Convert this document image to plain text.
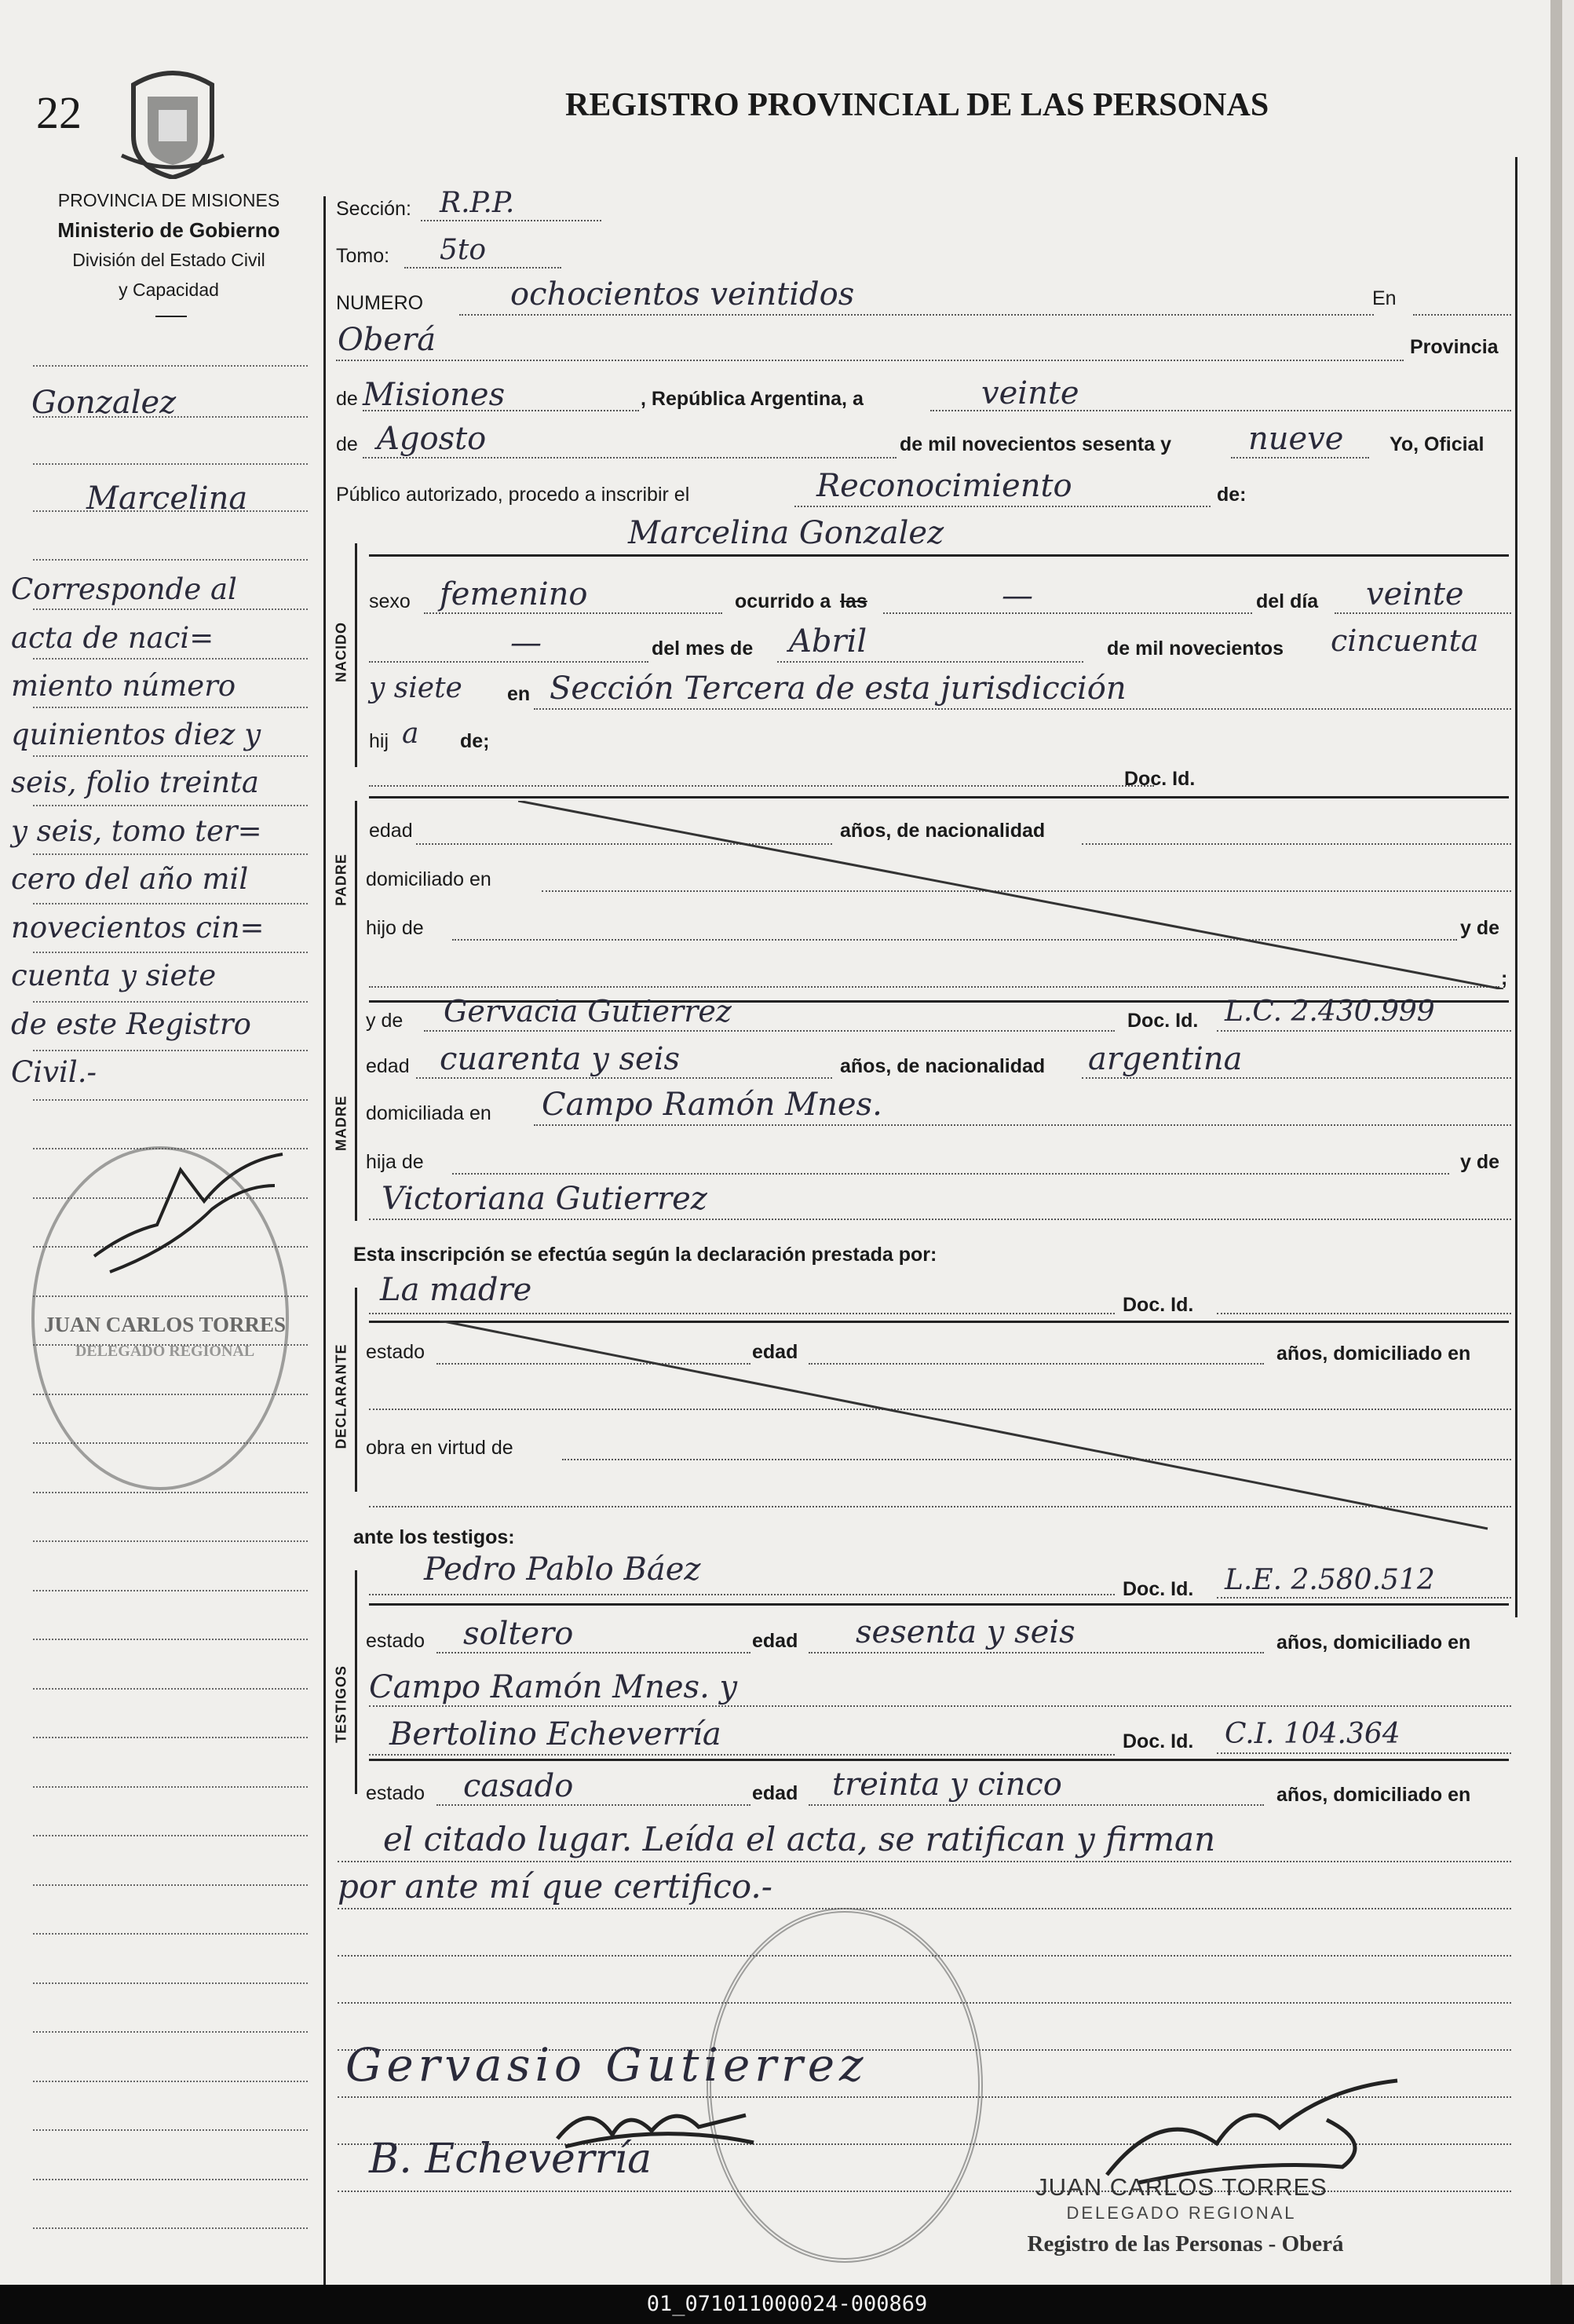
22	REGISTRO PROVINCIAL DE LAS PERSONAS
PROVINCIA DE MISIONES
Ministerio de Gobierno
División del Estado Civil
y Capacidad
Gonzalez
Marcelina
Corresponde al
acta de naci=
miento número
quinientos diez y
seis, folio treinta
y seis, tomo ter=
cero del año mil
novecientos cin=
cuenta y siete
de este Registro
Civil.-
JUAN CARLOS TORRES
DELEGADO REGIONAL
Sección: R.P.P.
Tomo: 5to
NUMERO	ochocientos veintidos	En
Oberá	Provincia
de Misiones	, República Argentina, a	veinte
de Agosto	de mil novecientos sesenta y nueve Yo, Oficial
Público autorizado, procedo a inscribir el	Reconocimiento	de:
Marcelina Gonzalez
NACIDO
sexo femenino	ocurrido a las	—	del día veinte
—	del mes de Abril	de mil novecientos cincuenta
y siete en Sección Tercera de esta jurisdicción
hij a de;
Doc. Id.
PADRE
edad	años, de nacionalidad
domiciliado en
hijo de	y de
;
MADRE
y de Gervacia Gutierrez	Doc. Id. L.C. 2.430.999
edad cuarenta y seis	años, de nacionalidad argentina
domiciliada en Campo Ramón Mnes.
hija de	y de
Victoriana Gutierrez
Esta inscripción se efectúa según la declaración prestada por:
DECLARANTE
La madre	Doc. Id.
estado	edad	años, domiciliado en
obra en virtud de
ante los testigos:
TESTIGOS
Pedro Pablo Báez
Doc. Id. L.E. 2.580.512
estado soltero	edad sesenta y seis	años, domiciliado en
Campo Ramón Mnes. y
Bertolino Echeverría	Doc. Id. C.I. 104.364
estado casado	edad treinta y cinco	años, domiciliado en
el citado lugar. Leída el acta, se ratifican y firman
por ante mí que certifico.-
Gervasio Gutierrez
B. Echeverría
JUAN CARLOS TORRES
DELEGADO REGIONAL
Registro de las Personas - Oberá
01_071011000024-000869
